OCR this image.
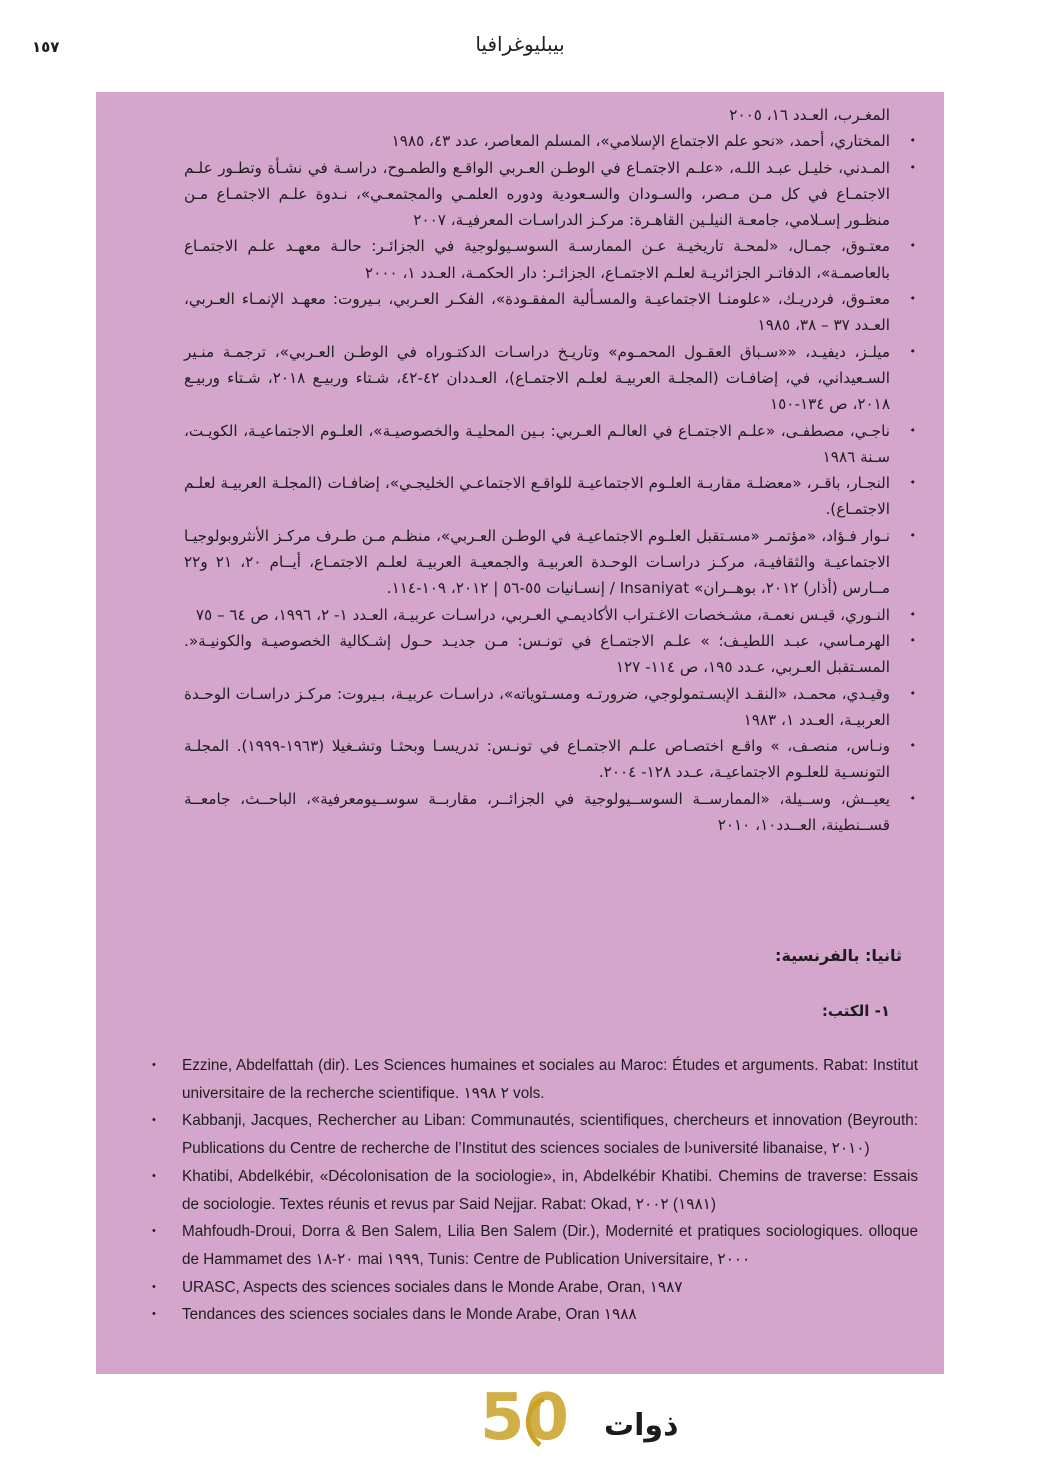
١٥٧	بيبليوغرافيا
المغـرب، العـدد ١٦، ٢٠٠٥
• المختاري، أحمد، «نحو علم الاجتماع الإسلامي»، المسلم المعاصر، عدد ٤٣، ١٩٨٥
• المـدني، خليـل عبـد اللـه، «علـم الاجتمـاع في الوطـن العـربي الواقـع والطمـوح، دراسـة في نشـأة وتطـور علـم الاجتمـاع في كل مـن مـصر، والسـودان والسـعودية ودوره العلمـي والمجتمعـي»، نـدوة علـم الاجتمـاع مـن منظـور إسـلامي، جامعـة النيلـين القاهـرة: مركـز الدراسـات المعرفيـة، ٢٠٠٧
• معتـوق، جمـال، «لمحـة تاريخيـة عـن الممارسـة السوسـيولوجية في الجزائـر: حالـة معهـد علـم الاجتمـاع بالعاصمـة»، الدفاتـر الجزائريـة لعلـم الاجتمـاع، الجزائـر: دار الحكمـة، العـدد ١، ٢٠٠٠
• معتـوق، فردريـك، «علومنـا الاجتماعيـة والمسـألية المفقـودة»، الفكـر العـربي، بـيروت: معهـد الإنمـاء العـربي، العـدد ٣٧ – ٣٨، ١٩٨٥
• ميلـز، ديفيـد، ««سـباق العقـول المحمـوم» وتاريـخ دراسـات الدكتـوراه في الوطـن العـربي»، ترجمـة منـير السـعيداني، في، إضافـات (المجلـة العربيـة لعلـم الاجتمـاع)، العـددان ٤٢-٤٢، شـتاء وربيـع ٢٠١٨، شـتاء وربيـع ٢٠١٨، ص ١٣٤-١٥٠
• ناجـي، مصطفـى، «علـم الاجتمـاع في العالـم العـربي: بـين المحليـة والخصوصيـة»، العلـوم الاجتماعيـة، الكويـت، سـنة ١٩٨٦
• النجـار، باقـر، «معضلـة مقاربـة العلـوم الاجتماعيـة للواقـع الاجتماعـي الخليجـي»، إضافـات (المجلـة العربيـة لعلـم الاجتمـاع).
• نـوار فـؤاد، «مؤتمـر «مسـتقبل العلـوم الاجتماعيـة في الوطـن العـربي»، منظـم مـن طـرف مركـز الأنثروبولوجيـا الاجتماعيـة والثقافيـة، مركـز دراسـات الوحـدة العربيـة والجمعيـة العربيـة لعلـم الاجتمـاع، أيــام ٢٠، ٢١ و٢٢ مــارس (أذار) ٢٠١٢، بوهــران» Insaniyat / إنسـانيات ٥٥-٥٦ | ٢٠١٢، ١٠٩-١١٤.
• النـوري، قيـس نعمـة، مشـخصات الاغـتراب الأكاديمـي العـربي، دراسـات عربيـة، العـدد ١- ٢، ١٩٩٦، ص ٦٤ – ٧٥
• الهرمـاسي، عبـد اللطيـف؛ » علـم الاجتمـاع في تونـس: مـن جديـد حـول إشـكالية الخصوصيـة والكونيـة«. المسـتقبل العـربي، عـدد ١٩٥، ص ١١٤- ١٢٧
• وقيـدي، محمـد، «النقـد الإبسـتمولوجي، ضرورتـه ومسـتوياته»، دراسـات عربيـة، بـيروت: مركـز دراسـات الوحـدة العربيـة، العـدد ١، ١٩٨٣
• ونـاس، منصـف، » واقـع اختصـاص علـم الاجتمـاع في تونـس: تدريسـا وبحثـا وتشـغيلا (١٩٦٣-١٩٩٩). المجلـة التونسـية للعلـوم الاجتماعيـة، عـدد ١٢٨- ٢٠٠٤.
• يعيــش، وســيلة، «الممارســة السوســيولوجية في الجزائــر، مقاربــة سوســيومعرفية»، الباحــث، جامعــة قســنطينة، العــدد١٠، ٢٠١٠
ثانيا: بالفرنسية:
١- الكتب:
• Ezzine, Abdelfattah (dir). Les Sciences humaines et sociales au Maroc: Études et arguments. Rabat: Institut universitaire de la recherche scientifique. ٢ ١٩٩٨ vols.
• Kabbanji, Jacques, Rechercher au Liban: Communautés, scientifiques, chercheurs et innovation (Beyrouth: Publications du Centre de recherche de l’Institut des sciences sociales de l›université libanaise, ٢٠١٠)
• Khatibi, Abdelkébir, «Décolonisation de la sociologie», in, Abdelkébir Khatibi. Chemins de traverse: Essais de sociologie. Textes réunis et revus par Said Nejjar. Rabat: Okad, ١٩٨١) ٢٠٠٢)
• Mahfoudh-Droui, Dorra & Ben Salem, Lilia Ben Salem (Dir.), Modernité et pratiques sociologiques. olloque de Hammamet des ٢٠-١٨ mai ١٩٩٩, Tunis: Centre de Publication Universitaire, ٢٠٠٠
• URASC, Aspects des sciences sociales dans le Monde Arabe, Oran, ١٩٨٧
• Tendances des sciences sociales dans le Monde Arabe, Oran ١٩٨٨
50 ذوات
